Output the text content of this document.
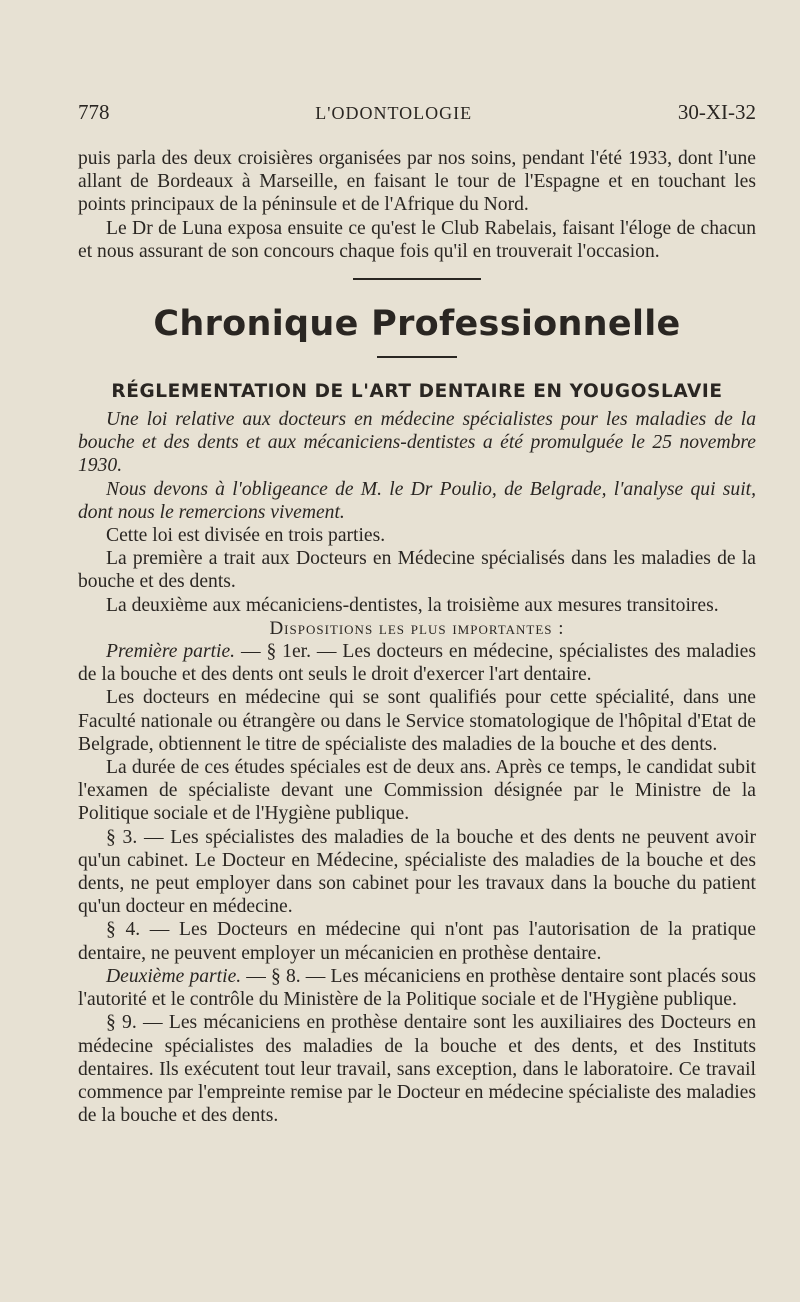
778	L'ODONTOLOGIE	30-XI-32

puis parla des deux croisières organisées par nos soins, pendant l'été 1933, dont l'une allant de Bordeaux à Marseille, en faisant le tour de l'Espagne et en touchant les points principaux de la péninsule et de l'Afrique du Nord.

Le Dr de Luna exposa ensuite ce qu'est le Club Rabelais, faisant l'éloge de chacun et nous assurant de son concours chaque fois qu'il en trouverait l'occasion.

Chronique Professionnelle
RÉGLEMENTATION DE L'ART DENTAIRE EN YOUGOSLAVIE

Une loi relative aux docteurs en médecine spécialistes pour les maladies de la bouche et des dents et aux mécaniciens-dentistes a été promulguée le 25 novembre 1930.

Nous devons à l'obligeance de M. le Dr Poulio, de Belgrade, l'analyse qui suit, dont nous le remercions vivement.

Cette loi est divisée en trois parties.

La première a trait aux Docteurs en Médecine spécialisés dans les maladies de la bouche et des dents.

La deuxième aux mécaniciens-dentistes, la troisième aux mesures transitoires.

Dispositions les plus importantes :

Première partie. — § 1er. — Les docteurs en médecine, spécialistes des maladies de la bouche et des dents ont seuls le droit d'exercer l'art dentaire.

Les docteurs en médecine qui se sont qualifiés pour cette spécialité, dans une Faculté nationale ou étrangère ou dans le Service stomatologique de l'hôpital d'Etat de Belgrade, obtiennent le titre de spécialiste des maladies de la bouche et des dents.

La durée de ces études spéciales est de deux ans. Après ce temps, le candidat subit l'examen de spécialiste devant une Commission désignée par le Ministre de la Politique sociale et de l'Hygiène publique.

§ 3. — Les spécialistes des maladies de la bouche et des dents ne peuvent avoir qu'un cabinet. Le Docteur en Médecine, spécialiste des maladies de la bouche et des dents, ne peut employer dans son cabinet pour les travaux dans la bouche du patient qu'un docteur en médecine.

§ 4. — Les Docteurs en médecine qui n'ont pas l'autorisation de la pratique dentaire, ne peuvent employer un mécanicien en prothèse dentaire.

Deuxième partie. — § 8. — Les mécaniciens en prothèse dentaire sont placés sous l'autorité et le contrôle du Ministère de la Politique sociale et de l'Hygiène publique.

§ 9. — Les mécaniciens en prothèse dentaire sont les auxiliaires des Docteurs en médecine spécialistes des maladies de la bouche et des dents, et des Instituts dentaires. Ils exécutent tout leur travail, sans exception, dans le laboratoire. Ce travail commence par l'empreinte remise par le Docteur en médecine spécialiste des maladies de la bouche et des dents.
